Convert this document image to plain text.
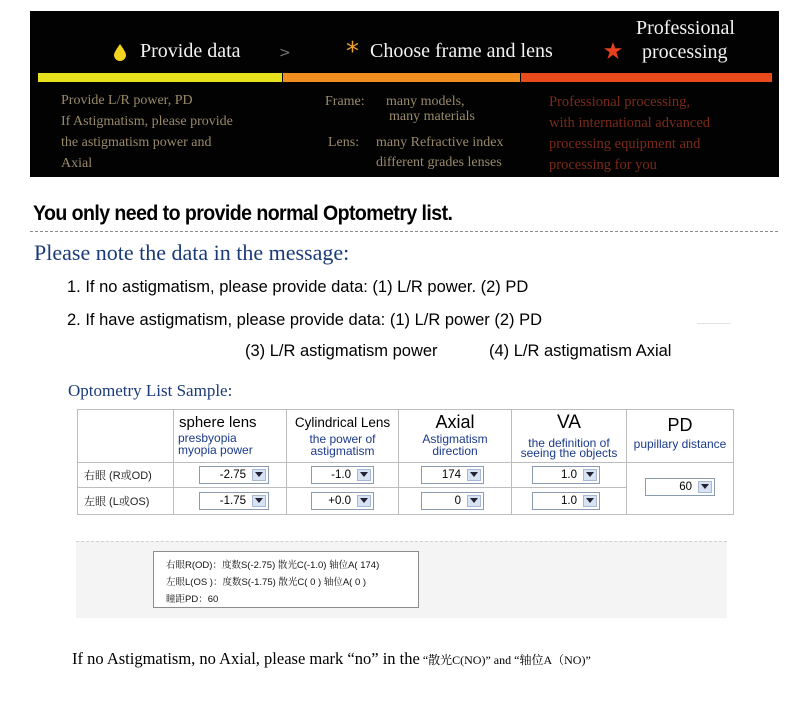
Provide data	> * Choose frame and lens
Professional
processing
Provide L/R power, PD
If Astigmatism, please provide
the astigmatism power and
Axial
Frame: many models,
many materials
Lens: many Refractive index
different grades lenses
Professional processing,
with international advanced
processing equipment and
processing for you
You only need to provide normal Optometry list.
Please note the data in the message:
1. If no astigmatism, please provide data: (1) L/R power. (2) PD
2. If have astigmatism, please provide data: (1) L/R power (2) PD
(3) L/R astigmatism power	(4) L/R astigmatism Axial
Optometry List Sample:

	sphere lens
presbyopia
myopia power	Cylindrical Lens
the power of
astigmatism	Axial
Astigmatism
direction	VA
the definition of
seeing the objects	PD
pupillary distance

右眼 (R或OD)	-2.75	-1.0	174	1.0	60

左眼 (L或OS)	-1.75	+0.0	0	1.0	
右眼R(OD)：度数S(-2.75) 散光C(-1.0) 轴位A( 174)
左眼L(OS )：度数S(-1.75) 散光C( 0 ) 轴位A( 0 )
瞳距PD：60
If no Astigmatism, no Axial, please mark “no” in the “散光C(NO)” and “轴位A（NO)”
